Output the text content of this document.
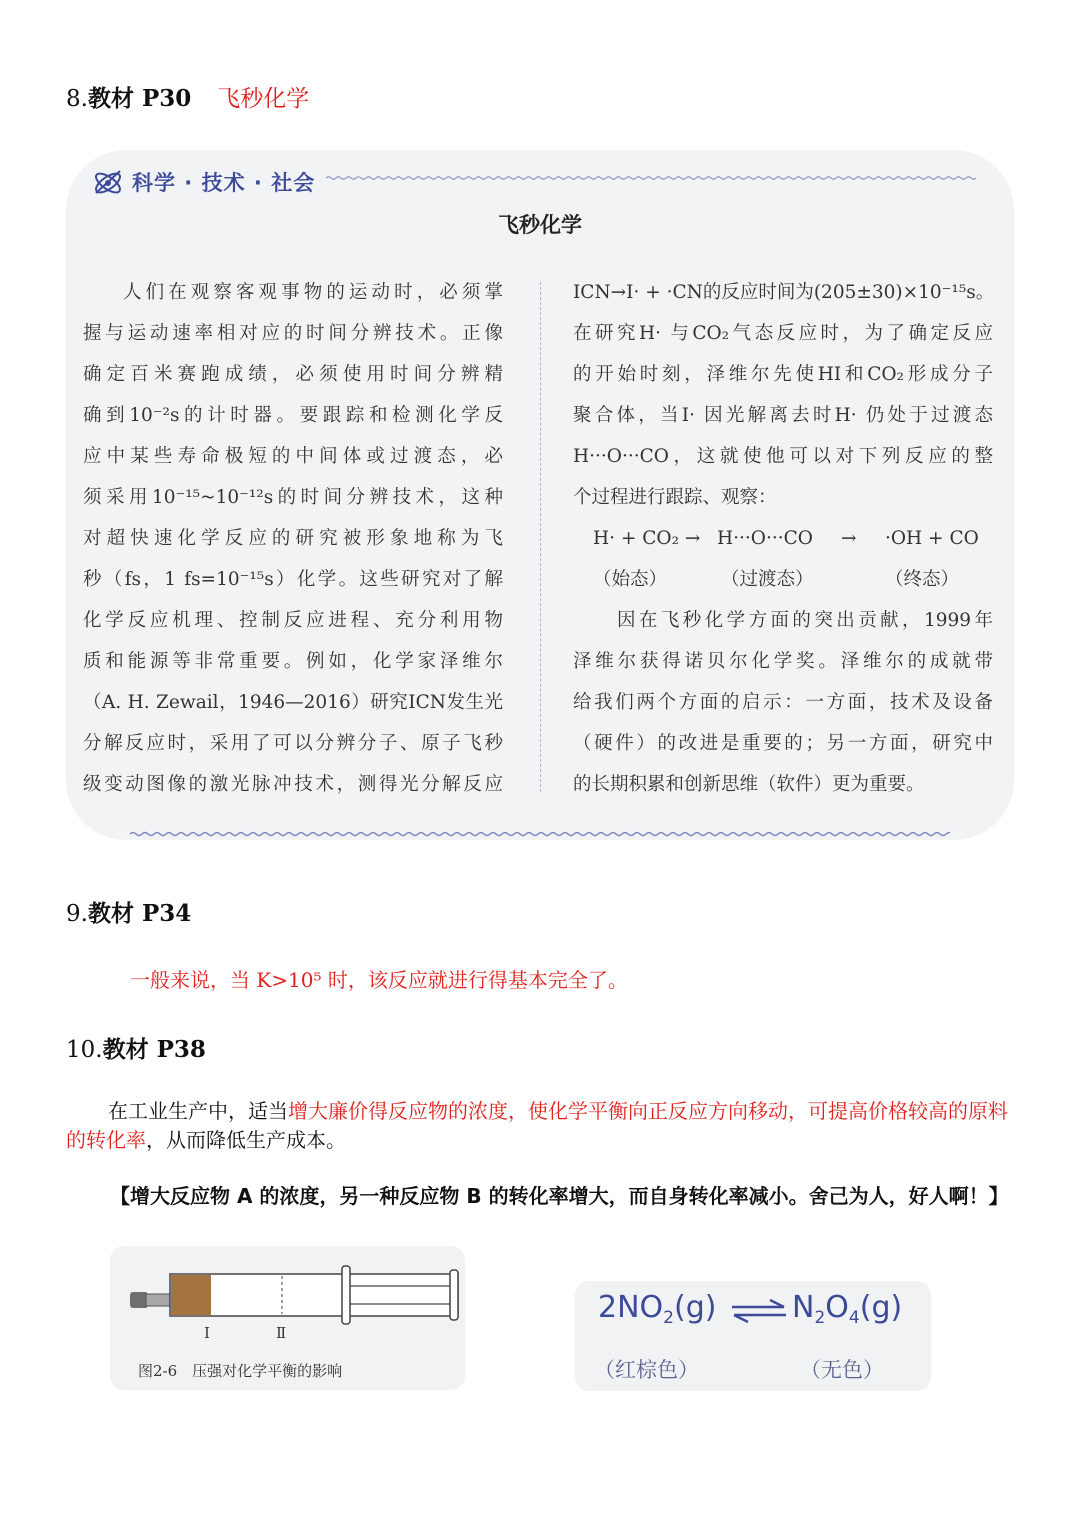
8.教材 P30 飞秒化学
科学 · 技术 · 社会
飞秒化学
人们在观察客观事物的运动时，必须掌
握与运动速率相对应的时间分辨技术。正像
确定百米赛跑成绩，必须使用时间分辨精
确到10⁻²s的计时器。要跟踪和检测化学反
应中某些寿命极短的中间体或过渡态，必
须采用10⁻¹⁵~10⁻¹²s的时间分辨技术，这种
对超快速化学反应的研究被形象地称为飞
秒（fs，1 fs=10⁻¹⁵s）化学。这些研究对了解
化学反应机理、控制反应进程、充分利用物
质和能源等非常重要。例如，化学家泽维尔
（A. H. Zewail，1946—2016）研究ICN发生光
分解反应时，采用了可以分辨分子、原子飞秒
级变动图像的激光脉冲技术，测得光分解反应
ICN→I· + ·CN的反应时间为(205±30)×10⁻¹⁵s。
在研究H· 与CO₂气态反应时，为了确定反应
的开始时刻，泽维尔先使HI和CO₂形成分子
聚合体，当I· 因光解离去时H· 仍处于过渡态
H···O···CO，这就使他可以对下列反应的整
个过程进行跟踪、观察：
H· + CO₂ → H···O···CO	→	·OH + CO
（始态）	（过渡态）	（终态）
因在飞秒化学方面的突出贡献，1999年
泽维尔获得诺贝尔化学奖。泽维尔的成就带
给我们两个方面的启示：一方面，技术及设备
（硬件）的改进是重要的；另一方面，研究中
的长期积累和创新思维（软件）更为重要。
9.教材 P34
一般来说，当 K>10⁵ 时，该反应就进行得基本完全了。
10.教材 P38
在工业生产中，适当增大廉价得反应物的浓度，使化学平衡向正反应方向移动，可提高价格较高的原料的转化率，从而降低生产成本。
【增大反应物 A 的浓度，另一种反应物 B 的转化率增大，而自身转化率减小。舍己为人，好人啊！】
Ⅰ	Ⅱ
图2-6　压强对化学平衡的影响
$2NO_2(g)$ ⇌ $N_2O_4(g)$
（红棕色）	（无色）
